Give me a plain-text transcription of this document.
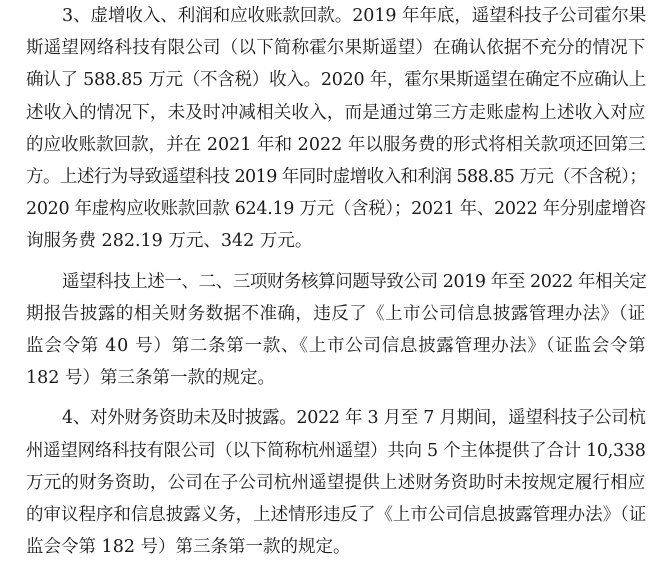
3、虚增收入、利润和应收账款回款。2019 年年底，遥望科技子公司霍尔果
斯遥望网络科技有限公司（以下简称霍尔果斯遥望）在确认依据不充分的情况下
确认了 588.85 万元（不含税）收入。2020 年，霍尔果斯遥望在确定不应确认上
述收入的情况下，未及时冲减相关收入，而是通过第三方走账虚构上述收入对应
的应收账款回款，并在 2021 年和 2022 年以服务费的形式将相关款项还回第三
方。上述行为导致遥望科技 2019 年同时虚增收入和利润 588.85 万元（不含税）；
2020 年虚构应收账款回款 624.19 万元（含税）；2021 年、2022 年分别虚增咨
询服务费 282.19 万元、342 万元。
遥望科技上述一、二、三项财务核算问题导致公司 2019 年至 2022 年相关定
期报告披露的相关财务数据不准确，违反了《上市公司信息披露管理办法》（证
监会令第 40 号）第二条第一款、《上市公司信息披露管理办法》（证监会令第
182 号）第三条第一款的规定。
4、对外财务资助未及时披露。2022 年 3 月至 7 月期间，遥望科技子公司杭
州遥望网络科技有限公司（以下简称杭州遥望）共向 5 个主体提供了合计 10,338
万元的财务资助，公司在子公司杭州遥望提供上述财务资助时未按规定履行相应
的审议程序和信息披露义务，上述情形违反了《上市公司信息披露管理办法》（证
监会令第 182 号）第三条第一款的规定。
